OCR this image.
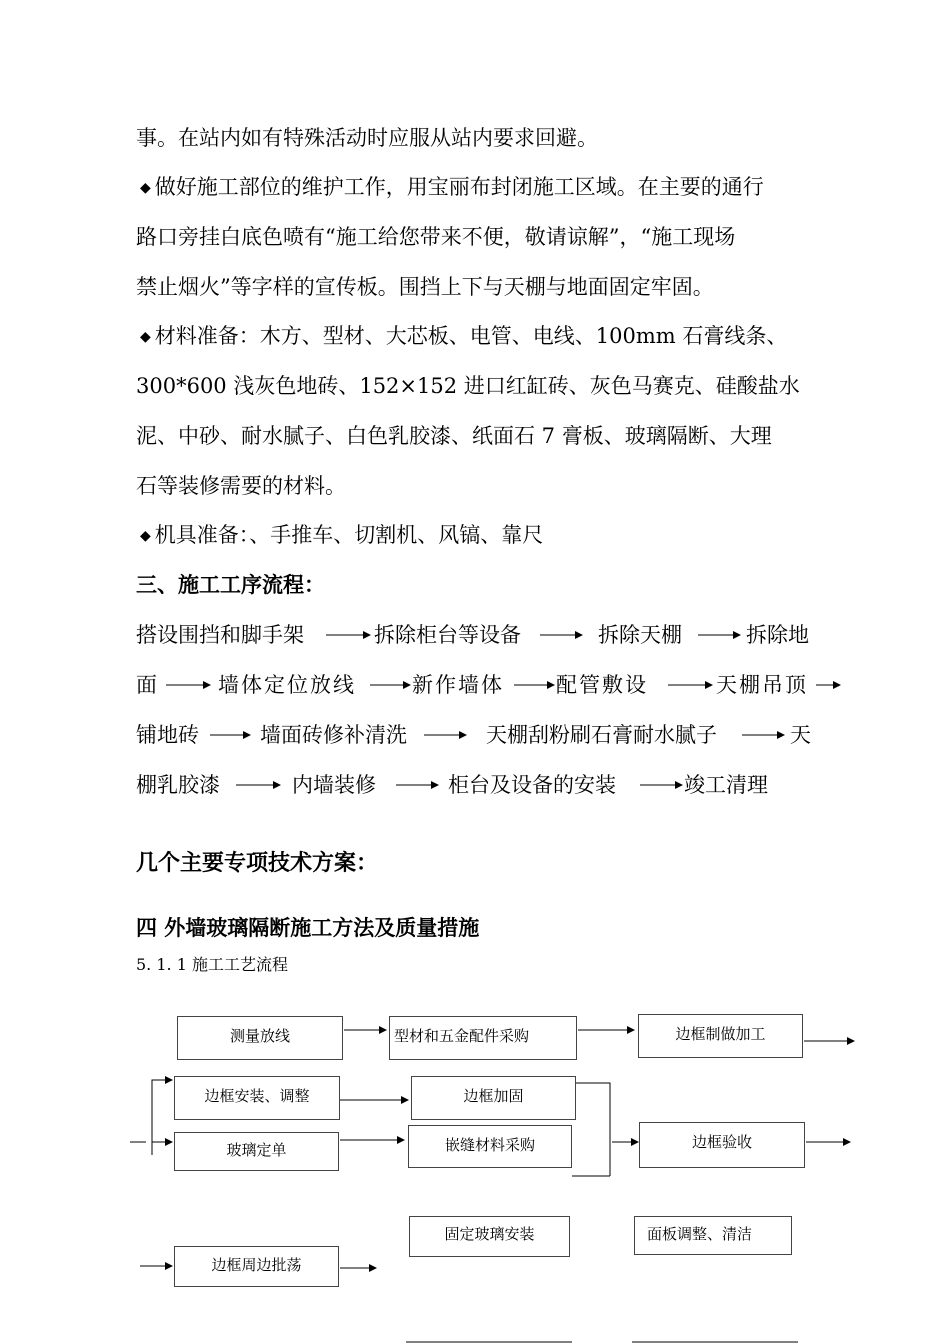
事。在站内如有特殊活动时应服从站内要求回避。

◆ 做好施工部位的维护工作，用宝丽布封闭施工区域。在主要的通行

路口旁挂白底色喷有“施工给您带来不便，敬请谅解”，“施工现场

禁止烟火”等字样的宣传板。围挡上下与天棚与地面固定牢固。

◆ 材料准备：木方、型材、大芯板、电管、电线、100mm 石膏线条、

300*600 浅灰色地砖、152×152 进口红缸砖、灰色马赛克、硅酸盐水

泥、中砂、耐水腻子、白色乳胶漆、纸面石 7 膏板、玻璃隔断、大理

石等装修需要的材料。

◆ 机具准备：、手推车、切割机、风镐、靠尺

三、施工工序流程：

搭设围挡和脚手架	拆除柜台等设备	拆除天棚	拆除地
面	墙体定位放线	新作墙体 配管敷设	天棚吊顶
铺地砖	墙面砖修补清洗	天棚刮粉刷石膏耐水腻子	天
棚乳胶漆	内墙装修	柜台及设备的安装	竣工清理

几个主要专项技术方案：

四 外墙玻璃隔断施工方法及质量措施

5. 1. 1 施工工艺流程

测量放线	型材和五金配件采购	边框制做加工
边框安装、调整	边框加固
玻璃定单	嵌缝材料采购	边框验收
固定玻璃安装	面板调整、清洁
边框周边批荡
